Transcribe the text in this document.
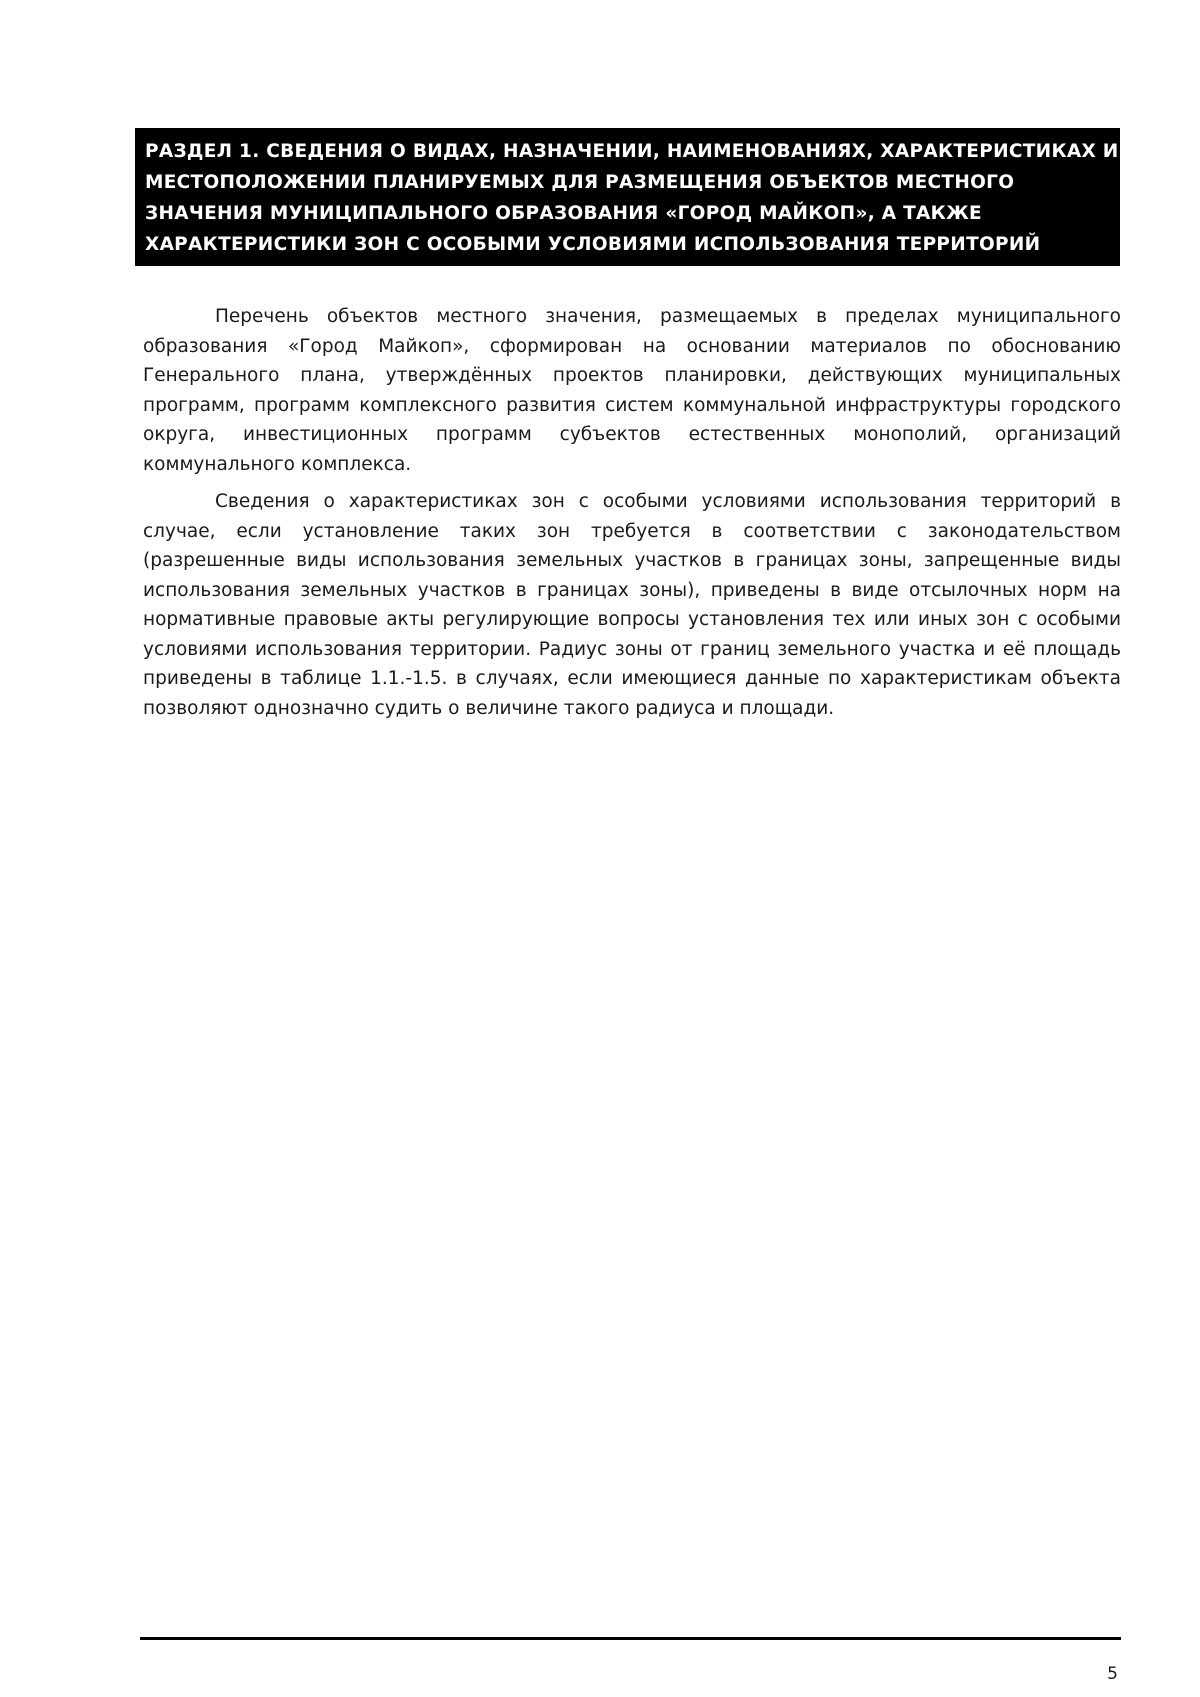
РАЗДЕЛ 1. СВЕДЕНИЯ О ВИДАХ, НАЗНАЧЕНИИ, НАИМЕНОВАНИЯХ, ХАРАКТЕРИСТИКАХ И

МЕСТОПОЛОЖЕНИИ ПЛАНИРУЕМЫХ ДЛЯ РАЗМЕЩЕНИЯ ОБЪЕКТОВ МЕСТНОГО

ЗНАЧЕНИЯ МУНИЦИПАЛЬНОГО ОБРАЗОВАНИЯ «ГОРОД МАЙКОП», А ТАКЖЕ

ХАРАКТЕРИСТИКИ ЗОН С ОСОБЫМИ УСЛОВИЯМИ ИСПОЛЬЗОВАНИЯ ТЕРРИТОРИЙ

Перечень объектов местного значения, размещаемых в пределах муниципального образования «Город Майкоп», сформирован на основании материалов по обоснованию Генерального плана, утверждённых проектов планировки, действующих муниципальных программ, программ комплексного развития систем коммунальной инфраструктуры городского округа, инвестиционных программ субъектов естественных монополий, организаций коммунального комплекса.

Сведения о характеристиках зон с особыми условиями использования территорий в случае, если установление таких зон требуется в соответствии с законодательством (разрешенные виды использования земельных участков в границах зоны, запрещенные виды использования земельных участков в границах зоны), приведены в виде отсылочных норм на нормативные правовые акты регулирующие вопросы установления тех или иных зон с особыми условиями использования территории. Радиус зоны от границ земельного участка и её площадь приведены в таблице 1.1.-1.5. в случаях, если имеющиеся данные по характеристикам объекта позволяют однозначно судить о величине такого радиуса и площади.

5
